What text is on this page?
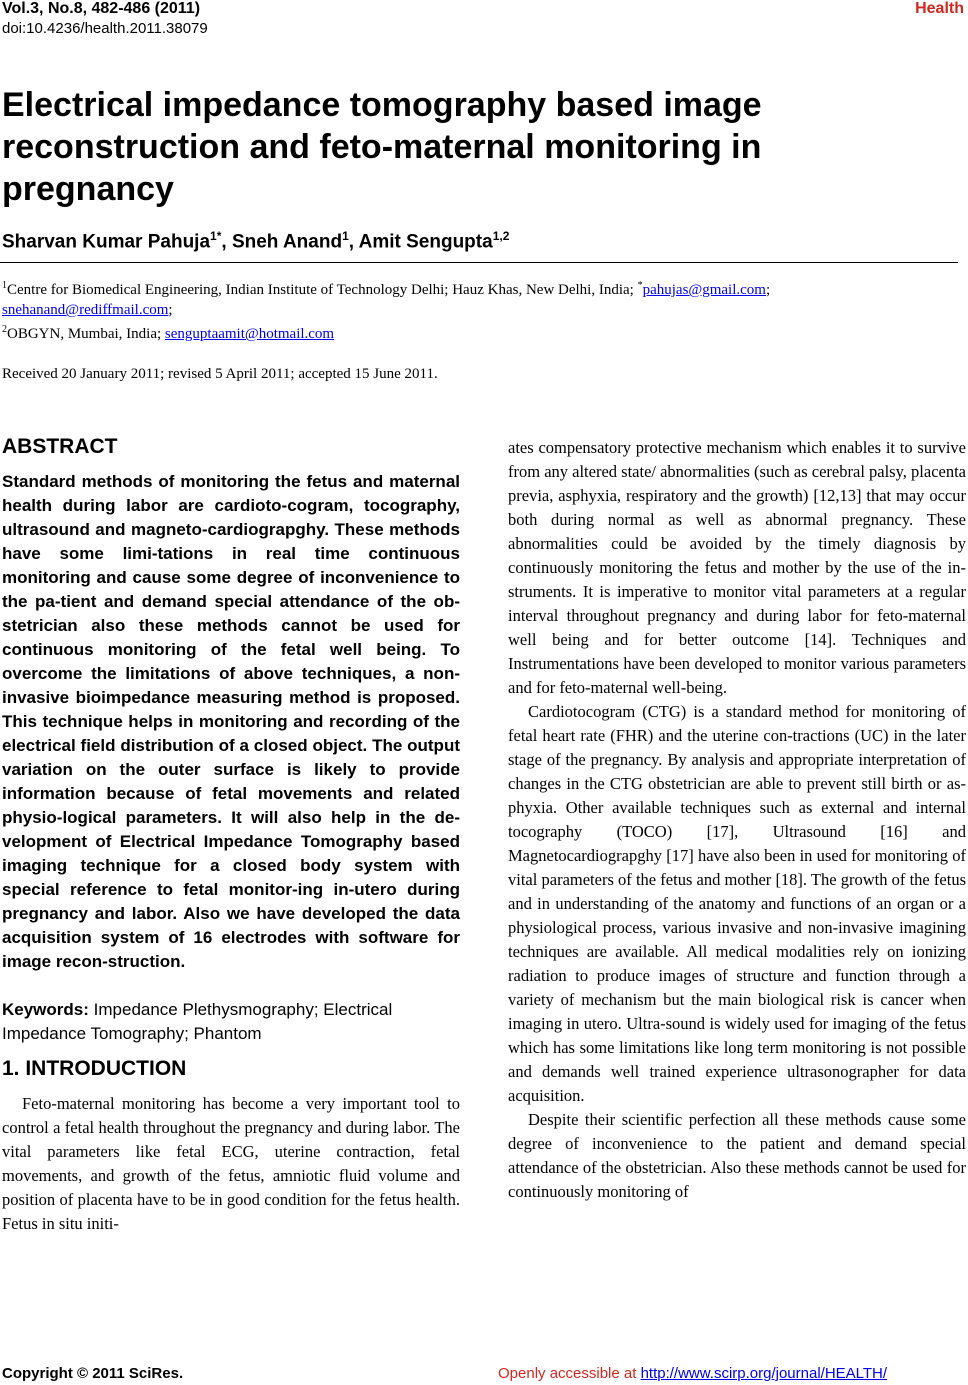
Vol.3, No.8, 482-486 (2011)
doi:10.4236/health.2011.38079
Health
Electrical impedance tomography based image reconstruction and feto-maternal monitoring in pregnancy
Sharvan Kumar Pahuja$^{1*}$, Sneh Anand$^1$, Amit Sengupta$^{1,2}$
$^1$Centre for Biomedical Engineering, Indian Institute of Technology Delhi; Hauz Khas, New Delhi, India; *pahujas@gmail.com;
snehanand@rediffmail.com;
$^2$OBGYN, Mumbai, India; senguptaamit@hotmail.com
Received 20 January 2011; revised 5 April 2011; accepted 15 June 2011.
ABSTRACT

Standard methods of monitoring the fetus and maternal health during labor are cardioto-cogram, tocography, ultrasound and magneto-cardiograpghy. These methods have some limi-tations in real time continuous monitoring and cause some degree of inconvenience to the pa-tient and demand special attendance of the ob-stetrician also these methods cannot be used for continuous monitoring of the fetal well being. To overcome the limitations of above techniques, a non-invasive bioimpedance measuring method is proposed. This technique helps in monitoring and recording of the electrical field distribution of a closed object. The output variation on the outer surface is likely to provide information because of fetal movements and related physio-logical parameters. It will also help in the de-velopment of Electrical Impedance Tomography based imaging technique for a closed body system with special reference to fetal monitor-ing in-utero during pregnancy and labor. Also we have developed the data acquisition system of 16 electrodes with software for image recon-struction.

Keywords: Impedance Plethysmography; Electrical Impedance Tomography; Phantom

1. INTRODUCTION

Feto-maternal monitoring has become a very important tool to control a fetal health throughout the pregnancy and during labor. The vital parameters like fetal ECG, uterine contraction, fetal movements, and growth of the fetus, amniotic fluid volume and position of placenta have to be in good condition for the fetus health. Fetus in situ initi-

ates compensatory protective mechanism which enables it to survive from any altered state/ abnormalities (such as cerebral palsy, placenta previa, asphyxia, respiratory and the growth) [12,13] that may occur both during normal as well as abnormal pregnancy. These abnormalities could be avoided by the timely diagnosis by continuously monitoring the fetus and mother by the use of the in-struments. It is imperative to monitor vital parameters at a regular interval throughout pregnancy and during labor for feto-maternal well being and for better outcome [14]. Techniques and Instrumentations have been developed to monitor various parameters and for feto-maternal well-being.

Cardiotocogram (CTG) is a standard method for monitoring of fetal heart rate (FHR) and the uterine con-tractions (UC) in the later stage of the pregnancy. By analysis and appropriate interpretation of changes in the CTG obstetrician are able to prevent still birth or as-phyxia. Other available techniques such as external and internal tocography (TOCO) [17], Ultrasound [16] and Magnetocardiograpghy [17] have also been in used for monitoring of vital parameters of the fetus and mother [18]. The growth of the fetus and in understanding of the anatomy and functions of an organ or a physiological process, various invasive and non-invasive imagining techniques are available. All medical modalities rely on ionizing radiation to produce images of structure and function through a variety of mechanism but the main biological risk is cancer when imaging in utero. Ultra-sound is widely used for imaging of the fetus which has some limitations like long term monitoring is not possible and demands well trained experience ultrasonographer for data acquisition.

Despite their scientific perfection all these methods cause some degree of inconvenience to the patient and demand special attendance of the obstetrician. Also these methods cannot be used for continuously monitoring of

Copyright © 2011 SciRes.	Openly accessible at http://www.scirp.org/journal/HEALTH/
